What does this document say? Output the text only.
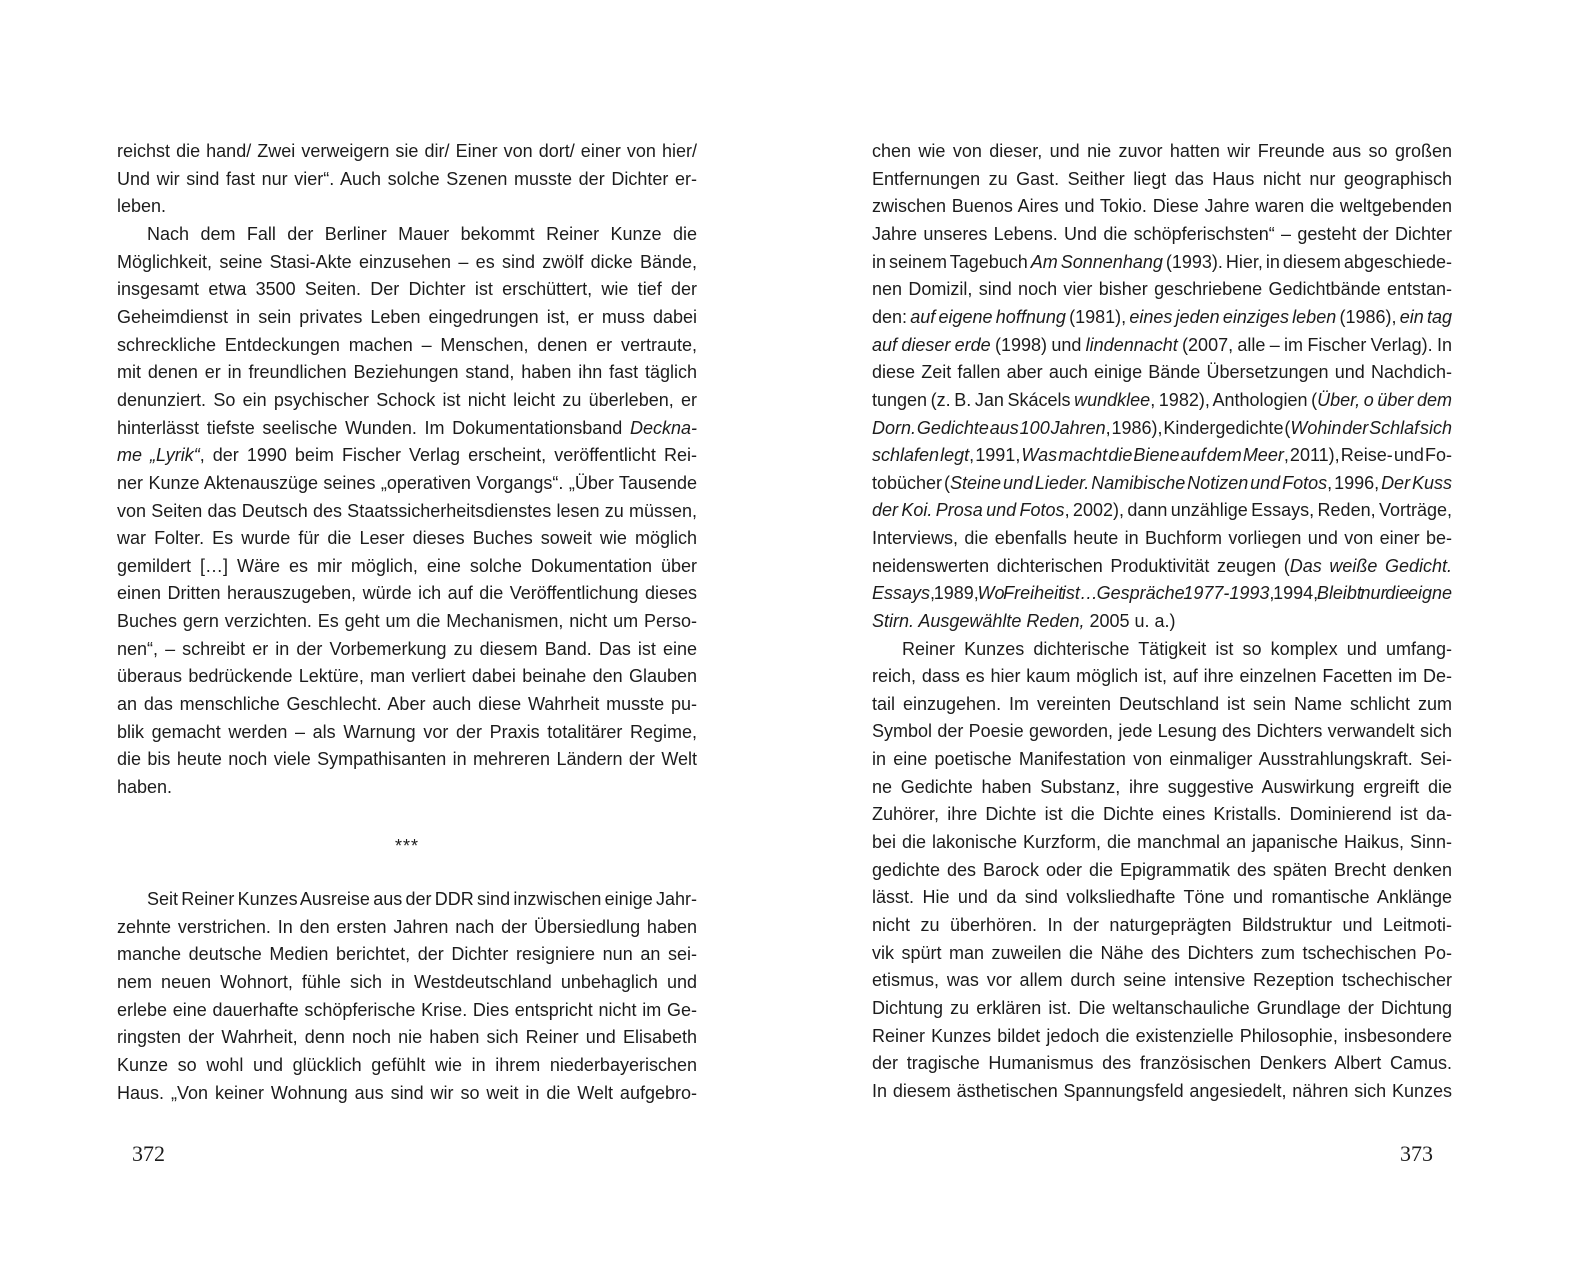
***
372
reichst die hand/ Zwei verweigern sie dir/ Einer von dort/ einer von hier/
Und wir sind fast nur vier“. Auch solche Szenen musste der Dichter er-
leben.
Nach dem Fall der Berliner Mauer bekommt Reiner Kunze die
Möglichkeit, seine Stasi-Akte einzusehen – es sind zwölf dicke Bände,
insgesamt etwa 3500 Seiten. Der Dichter ist erschüttert, wie tief der
Geheimdienst in sein privates Leben eingedrungen ist, er muss dabei
schreckliche Entdeckungen machen – Menschen, denen er vertraute,
mit denen er in freundlichen Beziehungen stand, haben ihn fast täglich
denunziert. So ein psychischer Schock ist nicht leicht zu überleben, er
hinterlässt tiefste seelische Wunden. Im Dokumentationsband Deckna-
me „Lyrik“, der 1990 beim Fischer Verlag erscheint, veröffentlicht Rei-
ner Kunze Aktenauszüge seines „operativen Vorgangs“. „Über Tausende
von Seiten das Deutsch des Staatssicherheitsdienstes lesen zu müssen,
war Folter. Es wurde für die Leser dieses Buches soweit wie möglich
gemildert […] Wäre es mir möglich, eine solche Dokumentation über
einen Dritten herauszugeben, würde ich auf die Veröffentlichung dieses
Buches gern verzichten. Es geht um die Mechanismen, nicht um Perso-
nen“, – schreibt er in der Vorbemerkung zu diesem Band. Das ist eine
überaus bedrückende Lektüre, man verliert dabei beinahe den Glauben
an das menschliche Geschlecht. Aber auch diese Wahrheit musste pu-
blik gemacht werden – als Warnung vor der Praxis totalitärer Regime,
die bis heute noch viele Sympathisanten in mehreren Ländern der Welt
haben.
Seit Reiner Kunzes Ausreise aus der DDR sind inzwischen einige Jahr-
zehnte verstrichen. In den ersten Jahren nach der Übersiedlung haben
manche deutsche Medien berichtet, der Dichter resigniere nun an sei-
nem neuen Wohnort, fühle sich in Westdeutschland unbehaglich und
erlebe eine dauerhafte schöpferische Krise. Dies entspricht nicht im Ge-
ringsten der Wahrheit, denn noch nie haben sich Reiner und Elisabeth
Kunze so wohl und glücklich gefühlt wie in ihrem niederbayerischen
Haus. „Von keiner Wohnung aus sind wir so weit in die Welt aufgebro-
373
chen wie von dieser, und nie zuvor hatten wir Freunde aus so großen
Entfernungen zu Gast. Seither liegt das Haus nicht nur geographisch
zwischen Buenos Aires und Tokio. Diese Jahre waren die weltgebenden
Jahre unseres Lebens. Und die schöpferischsten“ – gesteht der Dichter
in seinem Tagebuch Am Sonnenhang (1993). Hier, in diesem abgeschiede-
nen Domizil, sind noch vier bisher geschriebene Gedichtbände entstan-
den: auf eigene hoffnung (1981), eines jeden einziges leben (1986), ein tag
auf dieser erde (1998) und lindennacht (2007, alle – im Fischer Verlag). In
diese Zeit fallen aber auch einige Bände Übersetzungen und Nachdich-
tungen (z. B. Jan Skácels wundklee, 1982), Anthologien (Über, o über dem
Dorn. Gedichte aus 100 Jahren, 1986), Kindergedichte (Wohin der Schlaf sich
schlafen legt, 1991, Was macht die Biene auf dem Meer, 2011), Reise- und Fo-
tobücher (Steine und Lieder. Namibische Notizen und Fotos, 1996, Der Kuss
der Koi. Prosa und Fotos, 2002), dann unzählige Essays, Reden, Vorträge,
Interviews, die ebenfalls heute in Buchform vorliegen und von einer be-
neidenswerten dichterischen Produktivität zeugen (Das weiße Gedicht.
Essays, 1989, Wo Freiheit ist… Gespräche 1977-1993, 1994, Bleibt nur die eigne
Stirn. Ausgewählte Reden, 2005 u. a.)
Reiner Kunzes dichterische Tätigkeit ist so komplex und umfang-
reich, dass es hier kaum möglich ist, auf ihre einzelnen Facetten im De-
tail einzugehen. Im vereinten Deutschland ist sein Name schlicht zum
Symbol der Poesie geworden, jede Lesung des Dichters verwandelt sich
in eine poetische Manifestation von einmaliger Ausstrahlungskraft. Sei-
ne Gedichte haben Substanz, ihre suggestive Auswirkung ergreift die
Zuhörer, ihre Dichte ist die Dichte eines Kristalls. Dominierend ist da-
bei die lakonische Kurzform, die manchmal an japanische Haikus, Sinn-
gedichte des Barock oder die Epigrammatik des späten Brecht denken
lässt. Hie und da sind volksliedhafte Töne und romantische Anklänge
nicht zu überhören. In der naturgeprägten Bildstruktur und Leitmoti-
vik spürt man zuweilen die Nähe des Dichters zum tschechischen Po-
etismus, was vor allem durch seine intensive Rezeption tschechischer
Dichtung zu erklären ist. Die weltanschauliche Grundlage der Dichtung
Reiner Kunzes bildet jedoch die existenzielle Philosophie, insbesondere
der tragische Humanismus des französischen Denkers Albert Camus.
In diesem ästhetischen Spannungsfeld angesiedelt, nähren sich Kunzes
